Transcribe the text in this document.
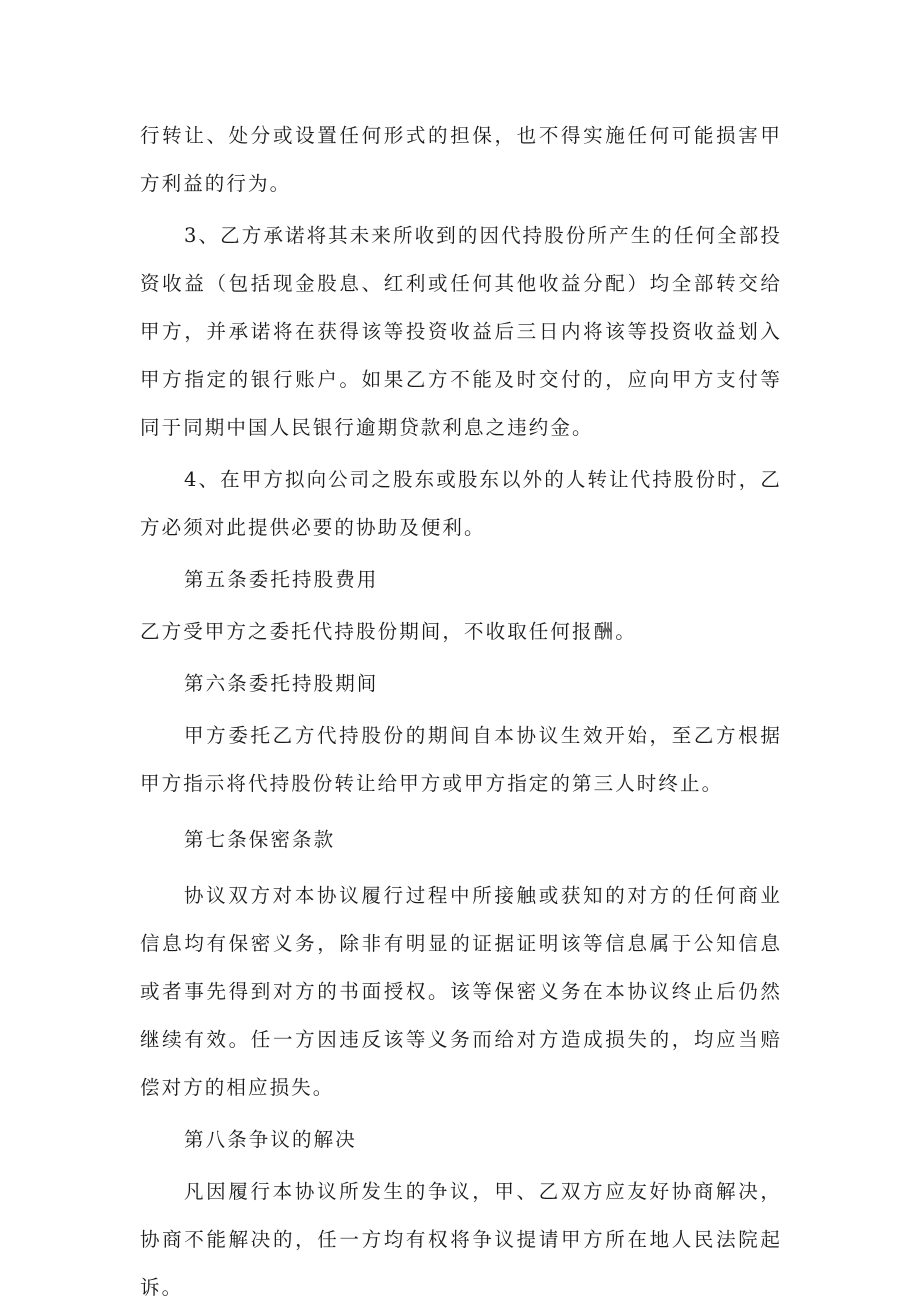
行转让、处分或设置任何形式的担保，也不得实施任何可能损害甲方利益的行为。

3、乙方承诺将其未来所收到的因代持股份所产生的任何全部投资收益（包括现金股息、红利或任何其他收益分配）均全部转交给甲方，并承诺将在获得该等投资收益后三日内将该等投资收益划入甲方指定的银行账户。如果乙方不能及时交付的，应向甲方支付等同于同期中国人民银行逾期贷款利息之违约金。

4、在甲方拟向公司之股东或股东以外的人转让代持股份时，乙方必须对此提供必要的协助及便利。

第五条委托持股费用

乙方受甲方之委托代持股份期间，不收取任何报酬。

第六条委托持股期间

甲方委托乙方代持股份的期间自本协议生效开始，至乙方根据甲方指示将代持股份转让给甲方或甲方指定的第三人时终止。

第七条保密条款

协议双方对本协议履行过程中所接触或获知的对方的任何商业信息均有保密义务，除非有明显的证据证明该等信息属于公知信息或者事先得到对方的书面授权。该等保密义务在本协议终止后仍然继续有效。任一方因违反该等义务而给对方造成损失的，均应当赔偿对方的相应损失。

第八条争议的解决

凡因履行本协议所发生的争议，甲、乙双方应友好协商解决，协商不能解决的，任一方均有权将争议提请甲方所在地人民法院起诉。
